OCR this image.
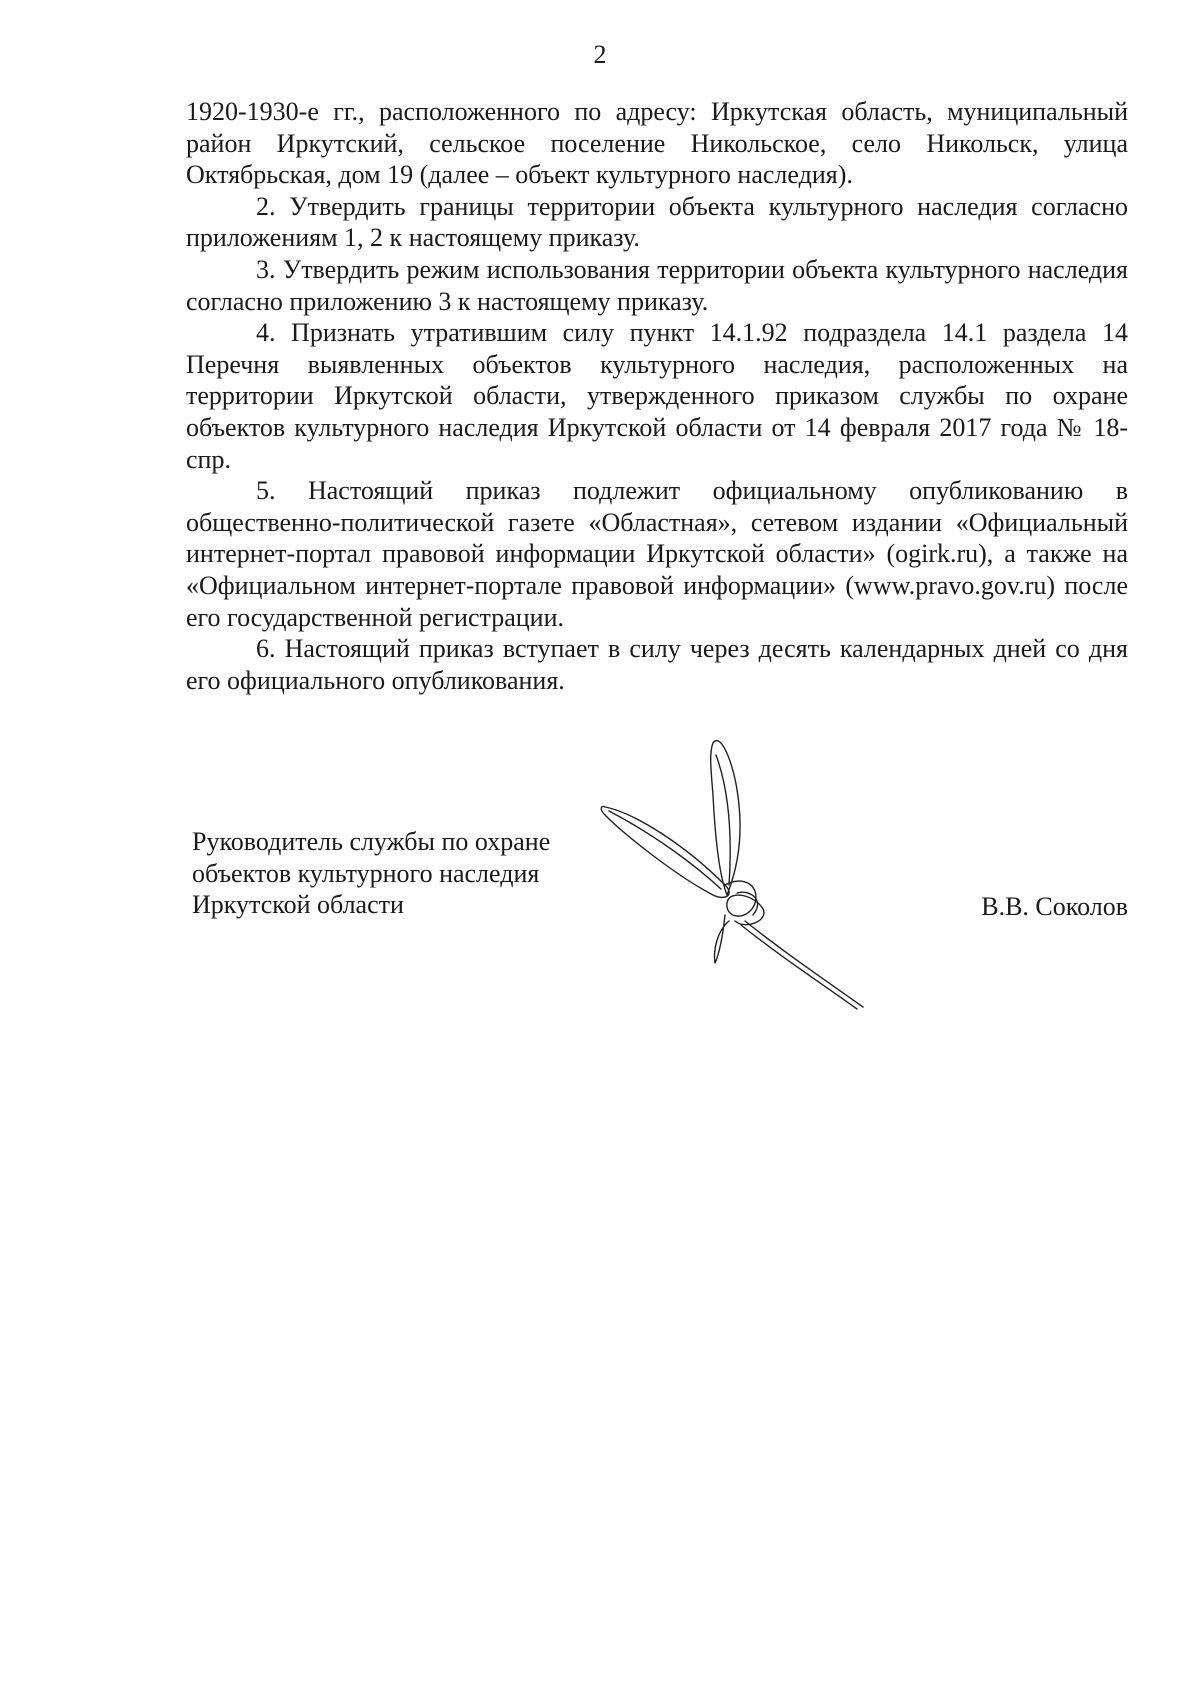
2

1920-1930-е гг., расположенного по адресу: Иркутская область, муниципальный район Иркутский, сельское поселение Никольское, село Никольск, улица Октябрьская, дом 19 (далее – объект культурного наследия).

2. Утвердить границы территории объекта культурного наследия согласно приложениям 1, 2 к настоящему приказу.

3. Утвердить режим использования территории объекта культурного наследия согласно приложению 3 к настоящему приказу.

4. Признать утратившим силу пункт 14.1.92 подраздела 14.1 раздела 14 Перечня выявленных объектов культурного наследия, расположенных на территории Иркутской области, утвержденного приказом службы по охране объектов культурного наследия Иркутской области от 14 февраля 2017 года № 18-спр.

5. Настоящий приказ подлежит официальному опубликованию в общественно-политической газете «Областная», сетевом издании «Официальный интернет-портал правовой информации Иркутской области» (ogirk.ru), а также на «Официальном интернет-портале правовой информации» (www.pravo.gov.ru) после его государственной регистрации.

6. Настоящий приказ вступает в силу через десять календарных дней со дня его официального опубликования.

Руководитель службы по охране
объектов культурного наследия
Иркутской области	В.В. Соколов
